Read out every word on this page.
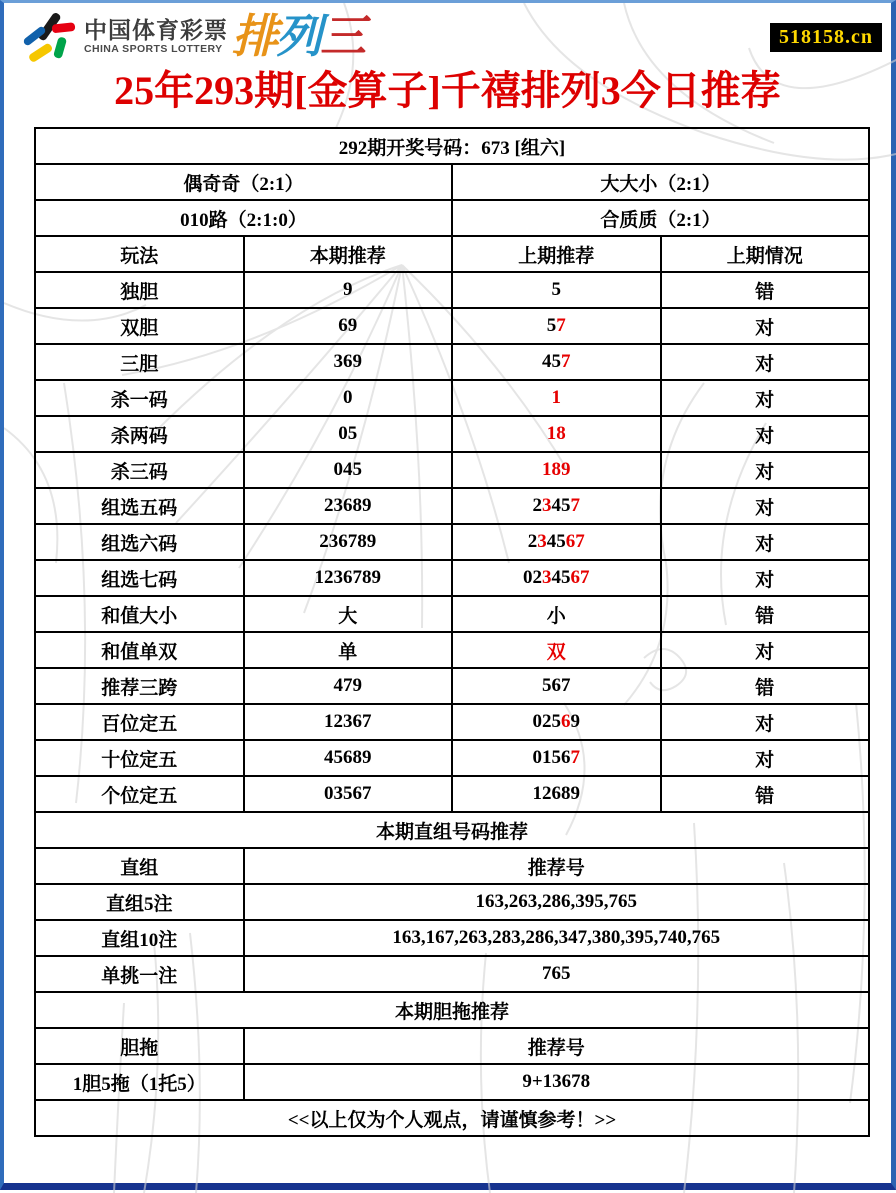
中国体育彩票
CHINA SPORTS LOTTERY 排列三	518158.cn
25年293期[金算子]千禧排列3今日推荐
292期开奖号码：673 [组六]			
偶奇奇（2:1）		大大小（2:1）	
010路（2:1:0）		合质质（2:1）	
玩法	本期推荐	上期推荐	上期情况
独胆	9	5	错
双胆	69	57	对
三胆	369	457	对
杀一码	0	1	对
杀两码	05	18	对
杀三码	045	189	对
组选五码	23689	23457	对
组选六码	236789	234567	对
组选七码	1236789	0234567	对
和值大小	大	小	错
和值单双	单	双	对
推荐三跨	479	567	错
百位定五	12367	02569	对
十位定五	45689	01567	对
个位定五	03567	12689	错
本期直组号码推荐			
直组	推荐号		
直组5注	163,263,286,395,765		
直组10注	163,167,263,283,286,347,380,395,740,765		
单挑一注	765		
本期胆拖推荐			
胆拖	推荐号		
1胆5拖（1托5）	9+13678		
<<以上仅为个人观点，请谨慎参考！>>			
